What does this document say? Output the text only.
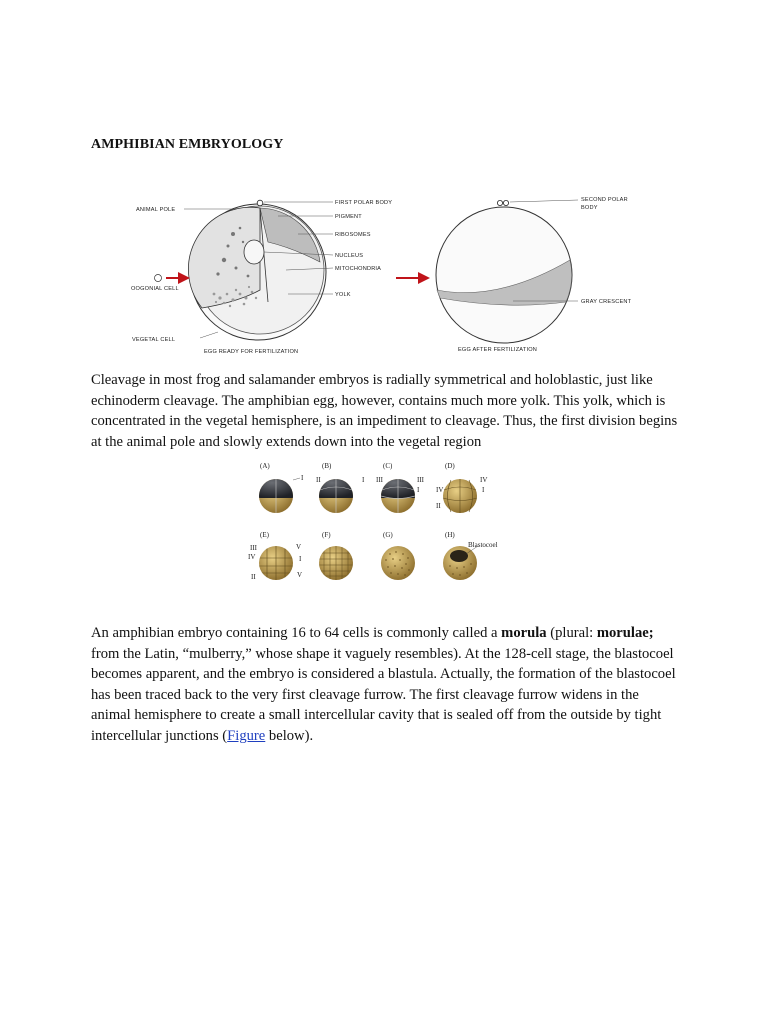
AMPHIBIAN EMBRYOLOGY
ANIMAL POLE
OOGONIAL CELL
VEGETAL CELL
FIRST POLAR BODY
PIGMENT
RIBOSOMES
NUCLEUS
MITOCHONDRIA
YOLK
EGG READY FOR FERTILIZATION
SECOND POLAR
BODY
GRAY CRESCENT
EGG AFTER FERTILIZATION

Cleavage in most frog and salamander embryos is radially symmetrical and holoblastic, just like echinoderm cleavage. The amphibian egg, however, contains much more yolk. This yolk, which is concentrated in the vegetal hemisphere, is an impediment to cleavage. Thus, the first division begins at the animal pole and slowly extends down into the vegetal region

(A)	(B)	(C)	(D)
(E)	(F)	(G)	(H)
I II	I III	III
I
IV
IV	I
II
III
IV
II
V
I
V
Blastocoel

An amphibian embryo containing 16 to 64 cells is commonly called a morula (plural: morulae; from the Latin, “mulberry,” whose shape it vaguely resembles). At the 128-cell stage, the blastocoel becomes apparent, and the embryo is considered a blastula. Actually, the formation of the blastocoel has been traced back to the very first cleavage furrow. The first cleavage furrow widens in the animal hemisphere to create a small intercellular cavity that is sealed off from the outside by tight intercellular junctions (Figure below).
